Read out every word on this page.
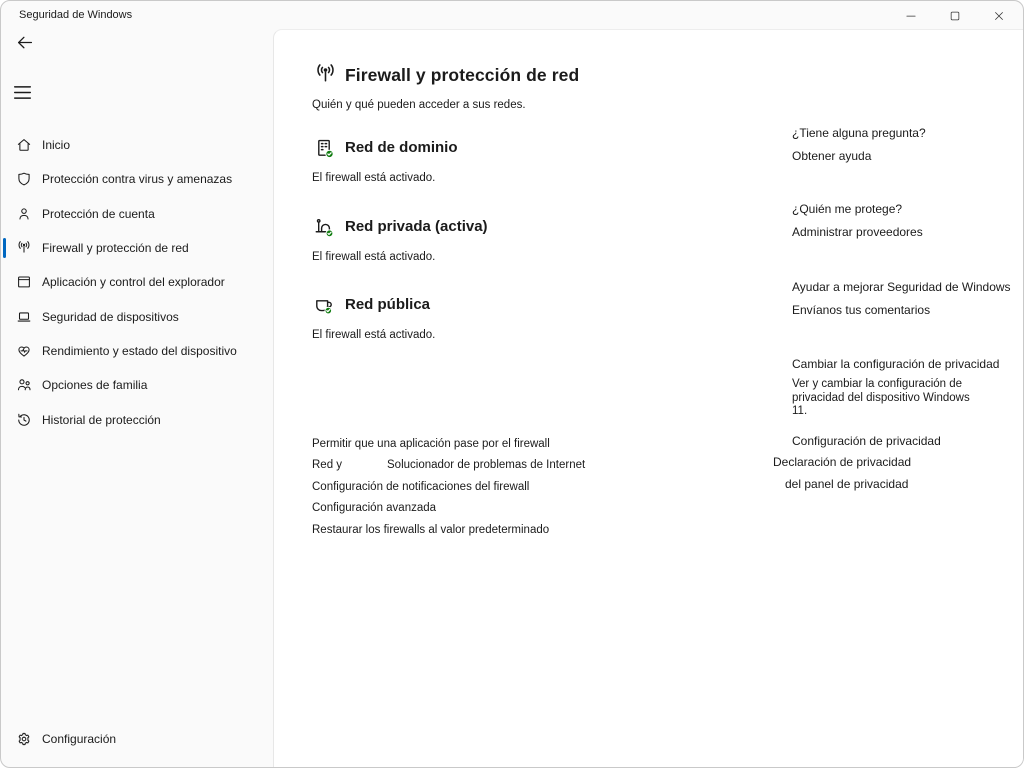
Seguridad de Windows
Inicio
Protección contra virus y amenazas
Protección de cuenta
Firewall y protección de red
Aplicación y control del explorador
Seguridad de dispositivos
Rendimiento y estado del dispositivo
Opciones de familia
Historial de protección
Configuración
Firewall y protección de red
Quién y qué pueden acceder a sus redes.
Red de dominio
El firewall está activado.
Red privada (activa)
El firewall está activado.
Red pública
El firewall está activado.
Permitir que una aplicación pase por el firewall
Red y	Solucionador de problemas de Internet
Configuración de notificaciones del firewall
Configuración avanzada
Restaurar los firewalls al valor predeterminado
¿Tiene alguna pregunta?
Obtener ayuda
¿Quién me protege?
Administrar proveedores
Ayudar a mejorar Seguridad de Windows
Envíanos tus comentarios
Cambiar la configuración de privacidad
Ver y cambiar la configuración de privacidad del dispositivo Windows 11.
Configuración de privacidad
Declaración de privacidad
del panel de privacidad
